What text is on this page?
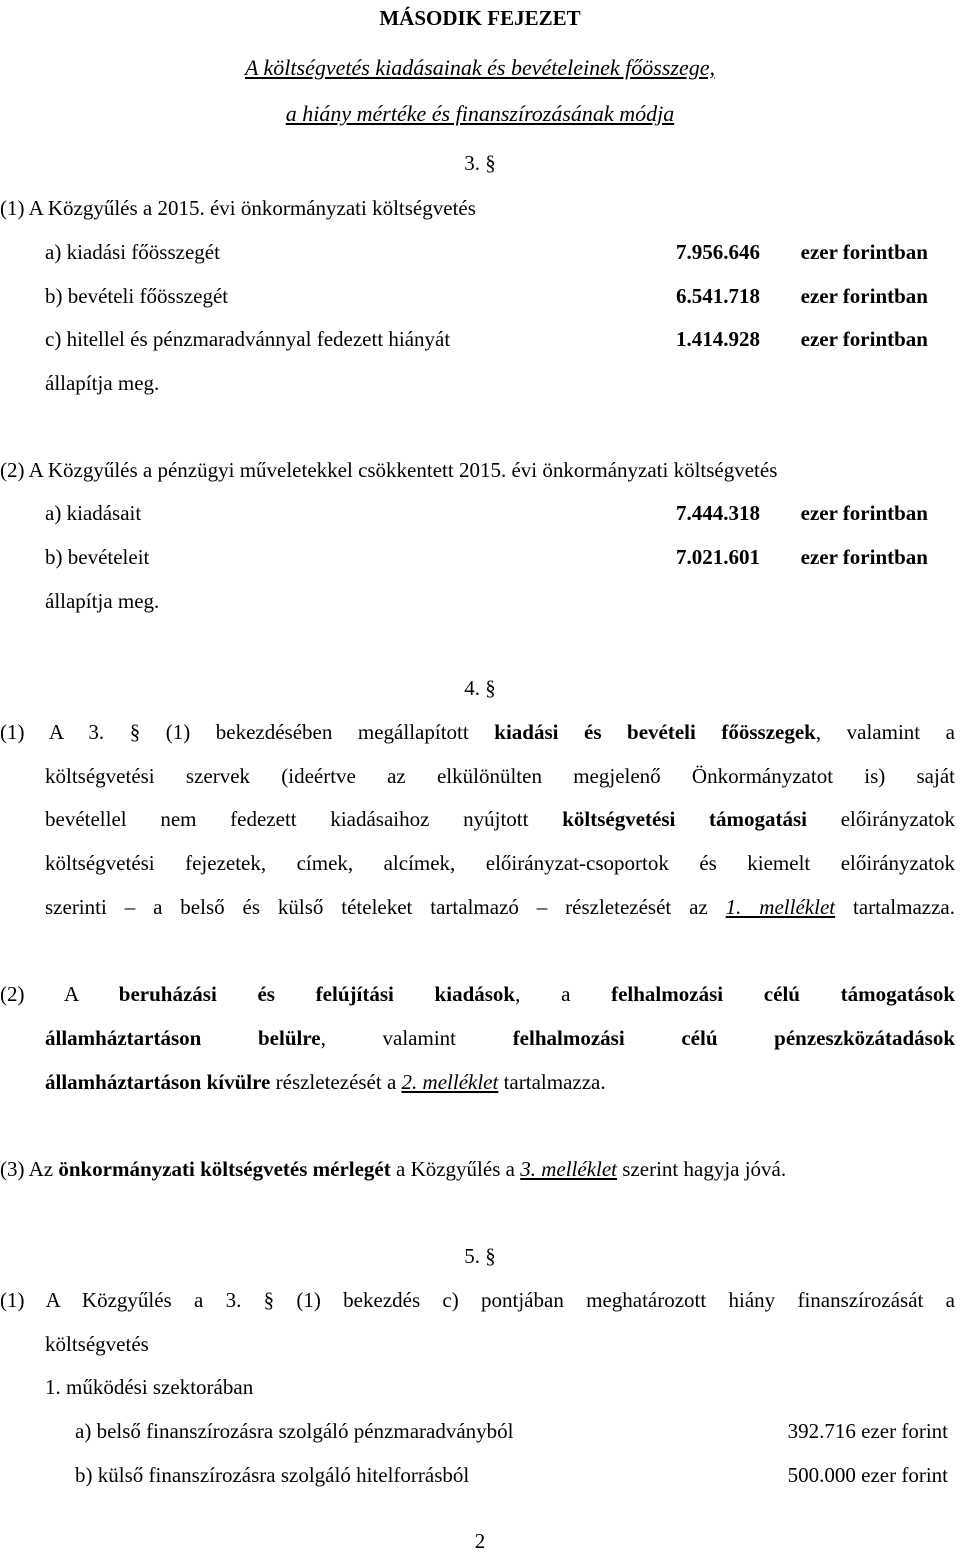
MÁSODIK FEJEZET
A költségvetés kiadásainak és bevételeinek főösszege,
a hiány mértéke és finanszírozásának módja
3. §
(1) A Közgyűlés a 2015. évi önkormányzati költségvetés
a) kiadási főösszegét	7.956.646 ezer forintban
b) bevételi főösszegét	6.541.718 ezer forintban
c) hitellel és pénzmaradvánnyal fedezett hiányát	1.414.928 ezer forintban
állapítja meg.
(2) A Közgyűlés a pénzügyi műveletekkel csökkentett 2015. évi önkormányzati költségvetés
a) kiadásait	7.444.318 ezer forintban
b) bevételeit	7.021.601 ezer forintban
állapítja meg.
4. §
(1) A 3. § (1) bekezdésében megállapított kiadási és bevételi főösszegek, valamint a
költségvetési szervek (ideértve az elkülönülten megjelenő Önkormányzatot is) saját
bevétellel nem fedezett kiadásaihoz nyújtott költségvetési támogatási előirányzatok
költségvetési fejezetek, címek, alcímek, előirányzat-csoportok és kiemelt előirányzatok
szerinti – a belső és külső tételeket tartalmazó – részletezését az 1. melléklet tartalmazza.
(2) A beruházási és felújítási kiadások, a felhalmozási célú támogatások
államháztartáson belülre, valamint	felhalmozási célú pénzeszközátadások
államháztartáson kívülre részletezését a 2. melléklet tartalmazza.
(3) Az önkormányzati költségvetés mérlegét a Közgyűlés a 3. melléklet szerint hagyja jóvá.
5. §
(1) A Közgyűlés a 3. § (1) bekezdés c) pontjában meghatározott hiány finanszírozását a
költségvetés
1. működési szektorában
a) belső finanszírozásra szolgáló pénzmaradványból	392.716 ezer forint
b) külső finanszírozásra szolgáló hitelforrásból	500.000 ezer forint
2
